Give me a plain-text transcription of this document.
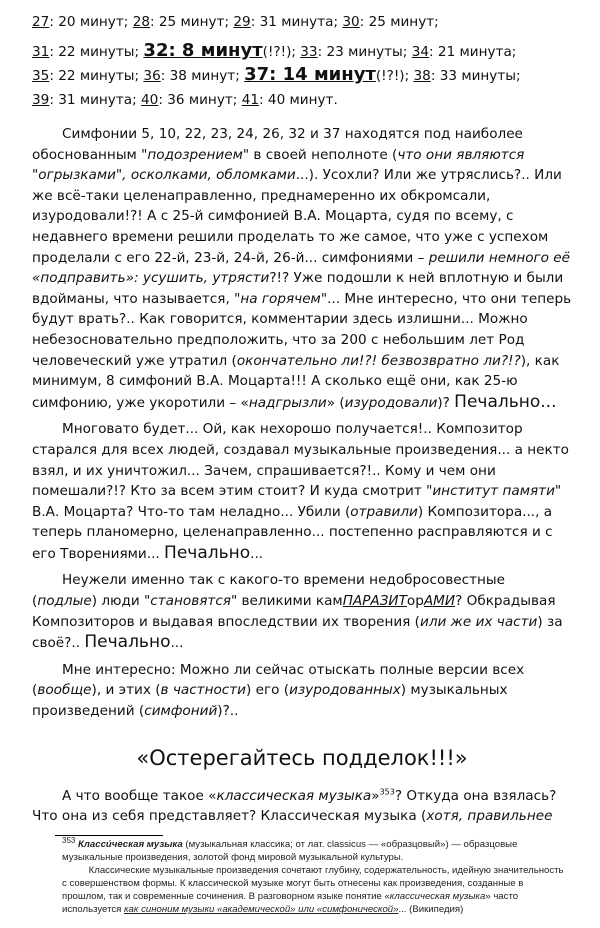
27: 20 минут; 28: 25 минут; 29: 31 минута; 30: 25 минут;
31: 22 минуты; 32: 8 минут(!?!); 33: 23 минуты; 34: 21 минута;
35: 22 минуты; 36: 38 минут; 37: 14 минут(!?!); 38: 33 минуты;
39: 31 минута; 40: 36 минут; 41: 40 минут.

Симфонии 5, 10, 22, 23, 24, 26, 32 и 37 находятся под наиболее обоснованным "подозрением" в своей неполноте (что они являются "огрызками", осколками, обломками...). Усохли? Или же утряслись?.. Или же всё-таки целенаправленно, преднамеренно их обкромсали, изуродовали!?! А с 25-й симфонией В.А. Моцарта, судя по всему, с недавнего времени решили проделать то же самое, что уже с успехом проделали с его 22-й, 23-й, 24-й, 26-й... симфониями – решили немного её «подправить»: усушить, утрясти?!? Уже подошли к ней вплотную и были вдойманы, что называется, "на горячем"... Мне интересно, что они теперь будут врать?.. Как говорится, комментарии здесь излишни... Можно небезосновательно предположить, что за 200 с небольшим лет Род человеческий уже утратил (окончательно ли!?! безвозвратно ли?!?), как минимум, 8 симфоний В.А. Моцарта!!! А сколько ещё они, как 25-ю симфонию, уже укоротили – «надгрызли» (изуродовали)? Печально...

Многовато будет... Ой, как нехорошо получается!.. Композитор старался для всех людей, создавал музыкальные произведения... а некто взял, и их уничтожил... Зачем, спрашивается?!.. Кому и чем они помешали?!? Кто за всем этим стоит? И куда смотрит "институт памяти" В.А. Моцарта? Что-то там неладно... Убили (отравили) Композитора..., а теперь планомерно, целенаправленно... постепенно расправляются и с его Творениями... Печально...

Неужели именно так с какого-то времени недобросовестные (подлые) люди "становятся" великими камПАРАЗИТорАМИ? Обкрадывая Композиторов и выдавая впоследствии их творения (или же их части) за своё?.. Печально...

Мне интересно: Можно ли сейчас отыскать полные версии всех (вообще), и этих (в частности) его (изуродованных) музыкальных произведений (симфоний)?..

«Остерегайтесь подделок!!!»

А что вообще такое «классическая музыка»$^{353}$? Откуда она взялась? Что она из себя представляет? Классическая музыка (хотя, правильнее

$^{353}$ Класси́ческая музыка (музыкальная классика; от лат. classicus — «образцовый») — образцовые музыкальные произведения, золотой фонд мировой музыкальной культуры.
Классические музыкальные произведения сочетают глубину, содержательность, идейную значительность с совершенством формы. К классической музыке могут быть отнесены как произведения, созданные в прошлом, так и современные сочинения. В разговорном языке понятие «классическая музыка» часто используется как синоним музыки «академической» или «симфонической»... (Википедия)
